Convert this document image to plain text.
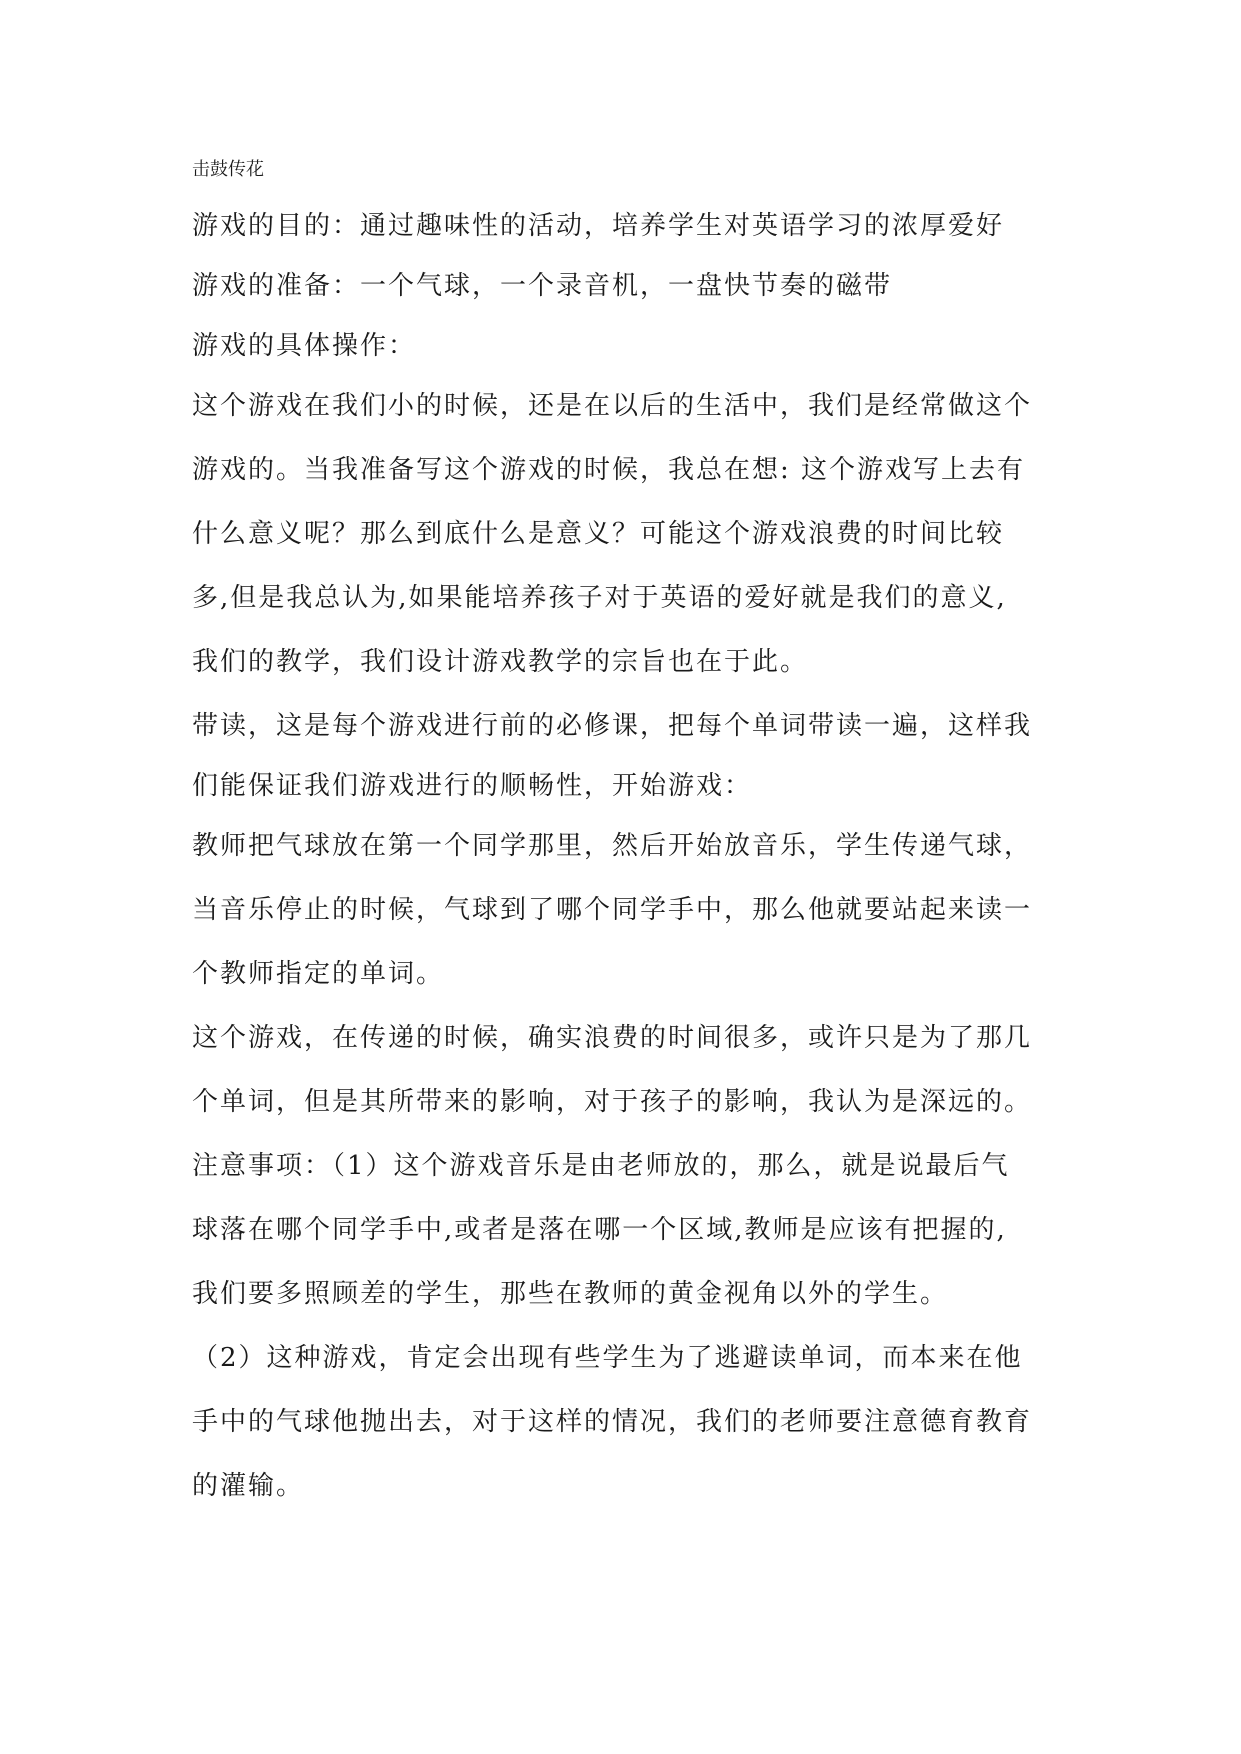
击鼓传花
游戏的目的：通过趣味性的活动，培养学生对英语学习的浓厚爱好
游戏的准备：一个气球，一个录音机，一盘快节奏的磁带
游戏的具体操作：
这个游戏在我们小的时候，还是在以后的生活中，我们是经常做这个
游戏的。当我准备写这个游戏的时候，我总在想: 这个游戏写上去有
什么意义呢？那么到底什么是意义？可能这个游戏浪费的时间比较
多,但是我总认为,如果能培养孩子对于英语的爱好就是我们的意义,
我们的教学，我们设计游戏教学的宗旨也在于此。
带读，这是每个游戏进行前的必修课，把每个单词带读一遍，这样我
们能保证我们游戏进行的顺畅性，开始游戏：
教师把气球放在第一个同学那里，然后开始放音乐，学生传递气球，
当音乐停止的时候，气球到了哪个同学手中，那么他就要站起来读一
个教师指定的单词。
这个游戏，在传递的时候，确实浪费的时间很多，或许只是为了那几
个单词，但是其所带来的影响，对于孩子的影响，我认为是深远的。
注意事项：（1）这个游戏音乐是由老师放的，那么，就是说最后气
球落在哪个同学手中,或者是落在哪一个区域,教师是应该有把握的,
我们要多照顾差的学生，那些在教师的黄金视角以外的学生。
（2）这种游戏，肯定会出现有些学生为了逃避读单词，而本来在他
手中的气球他抛出去，对于这样的情况，我们的老师要注意德育教育
的灌输。
